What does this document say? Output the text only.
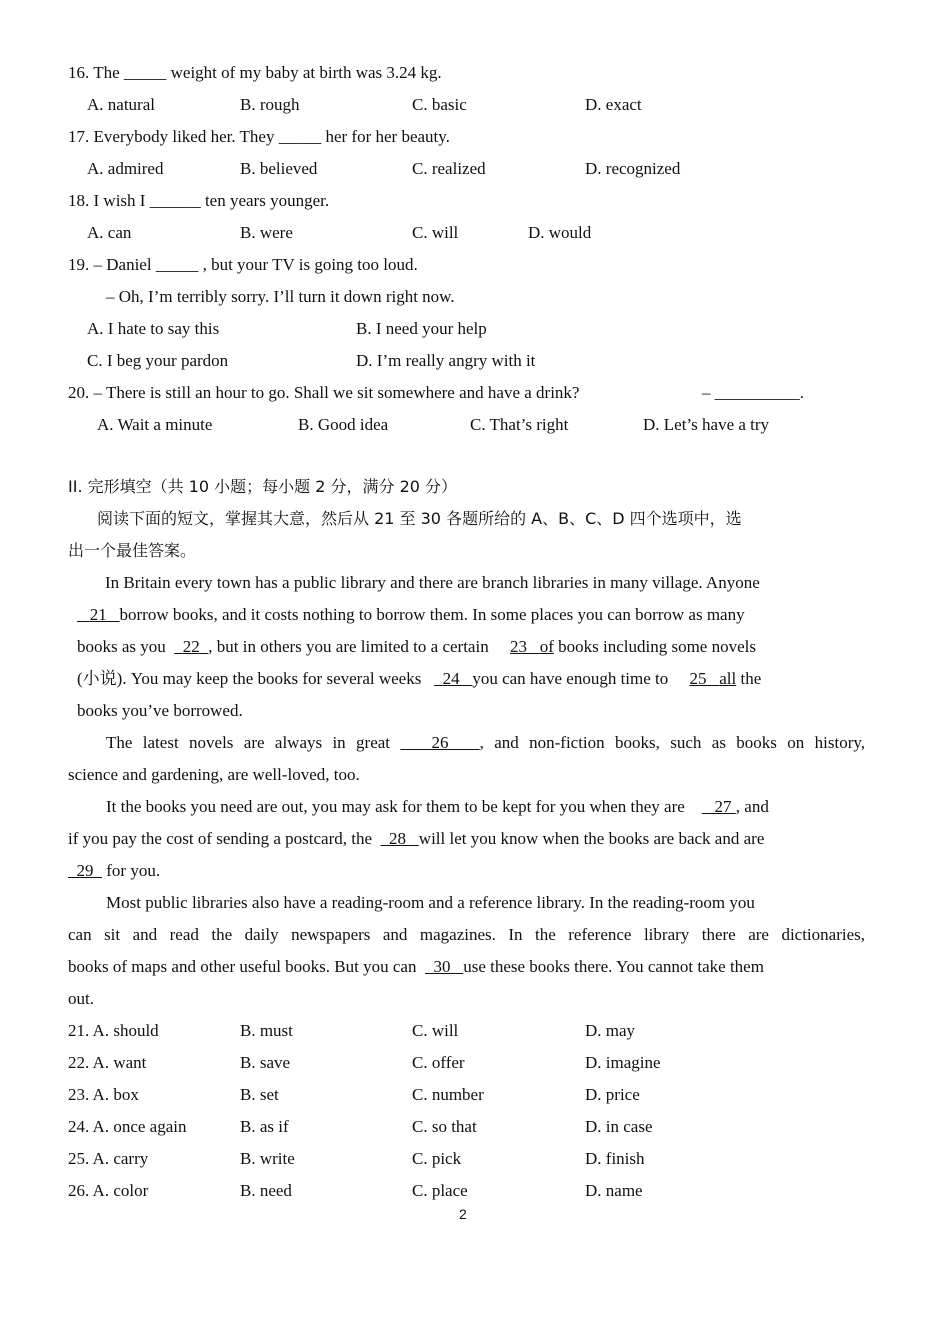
16. The _____ weight of my baby at birth was 3.24 kg.
A. natural	B. rough	C. basic	D. exact
17. Everybody liked her. They _____ her for her beauty.
A. admired	B. believed	C. realized	D. recognized
18. I wish I ______ ten years younger.
A. can	B. were	C. will	D. would
19. – Daniel _____ , but your TV is going too loud.
– Oh, I’m terribly sorry. I’ll turn it down right now.
A. I hate to say this	B. I need your help
C. I beg your pardon	D. I’m really angry with it
20. – There is still an hour to go. Shall we sit somewhere and have a drink?	– __________.
A. Wait a minute	B. Good idea	C. That’s right	D. Let’s have a try
II. 完形填空（共 10 小题；每小题 2 分，满分 20 分）
阅读下面的短文，掌握其大意，然后从 21 至 30 各题所给的 A、B、C、D 四个选项中，选
出一个最佳答案。
In Britain every town has a public library and there are branch libraries in many village. Anyone
21 borrow books, and it costs nothing to borrow them. In some places you can borrow as many
books as you 22 , but in others you are limited to a certain 23 of books including some novels
(小说). You may keep the books for several weeks 24 you can have enough time to 25 all the
books you’ve borrowed.
The latest novels are always in great 26 , and non-fiction books, such as books on history,
science and gardening, are well-loved, too.
It the books you need are out, you may ask for them to be kept for you when they are 27 , and
if you pay the cost of sending a postcard, the 28 will let you know when the books are back and are
29 for you.
Most public libraries also have a reading-room and a reference library. In the reading-room you
can sit and read the daily newspapers and magazines. In the reference library there are dictionaries,
books of maps and other useful books. But you can 30 use these books there. You cannot take them
out.
21. A. should	B. must	C. will	D. may
22. A. want	B. save	C. offer	D. imagine
23. A. box	B. set	C. number	D. price
24. A. once again	B. as if	C. so that	D. in case
25. A. carry	B. write	C. pick	D. finish
26. A. color	B. need	C. place	D. name
2
